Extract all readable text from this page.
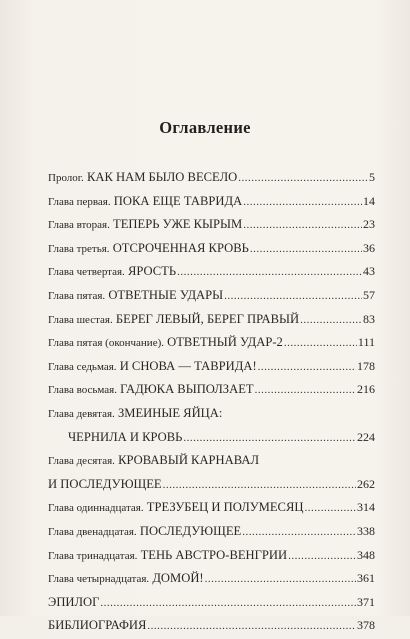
Оглавление
Пролог. КАК НАМ БЫЛО ВЕСЕЛО .....	5
Глава первая. ПОКА ЕЩЕ ТАВРИДА .....	14
Глава вторая. ТЕПЕРЬ УЖЕ КЫРЫМ .....	23
Глава третья. ОТСРОЧЕННАЯ КРОВЬ .....	36
Глава четвертая. ЯРОСТЬ .....	43
Глава пятая. ОТВЕТНЫЕ УДАРЫ .....	57
Глава шестая. БЕРЕГ ЛЕВЫЙ, БЕРЕГ ПРАВЫЙ .....	83
Глава пятая (окончание). ОТВЕТНЫЙ УДАР-2 .....	111
Глава седьмая. И СНОВА — ТАВРИДА! .....	178
Глава восьмая. ГАДЮКА ВЫПОЛЗАЕТ .....	216
Глава девятая. ЗМЕИНЫЕ ЯЙЦА:
ЧЕРНИЛА И КРОВЬ .....	224
Глава десятая. КРОВАВЫЙ КАРНАВАЛ
И ПОСЛЕДУЮЩЕЕ .....	262
Глава одиннадцатая. ТРЕЗУБЕЦ И ПОЛУМЕСЯЦ .....	314
Глава двенадцатая. ПОСЛЕДУЮЩЕЕ .....	338
Глава тринадцатая. ТЕНЬ АВСТРО-ВЕНГРИИ .....	348
Глава четырнадцатая. ДОМОЙ! .....	361
ЭПИЛОГ .....	371
БИБЛИОГРАФИЯ .....	378
